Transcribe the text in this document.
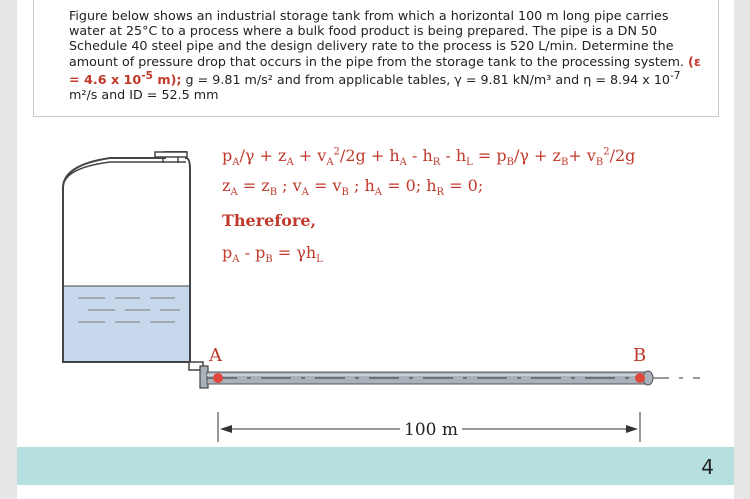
Figure below shows an industrial storage tank from which a horizontal 100 m long pipe carries water at 25°C to a process where a bulk food product is being prepared. The pipe is a DN 50 Schedule 40 steel pipe and the design delivery rate to the process is 520 L/min. Determine the amount of pressure drop that occurs in the pipe from the storage tank to the processing system. (ε = 4.6 x $10^{-5}$ m); g = 9.81 m/s² and from applicable tables, γ = 9.81 kN/m³ and η = 8.94 x $10^{-7}$ m²/s and ID = 52.5 mm
$p_A/\gamma + z_A + v_A^2/2g + h_A - h_R - h_L = p_B/\gamma + z_B+ v_B^2/2g$
$z_A = z_B$ ; $v_A = v_B$ ; $h_A = 0$; $h_R = 0$;
Therefore,
$p_A - p_B = \gamma h_L$
A	B
100 m
4
